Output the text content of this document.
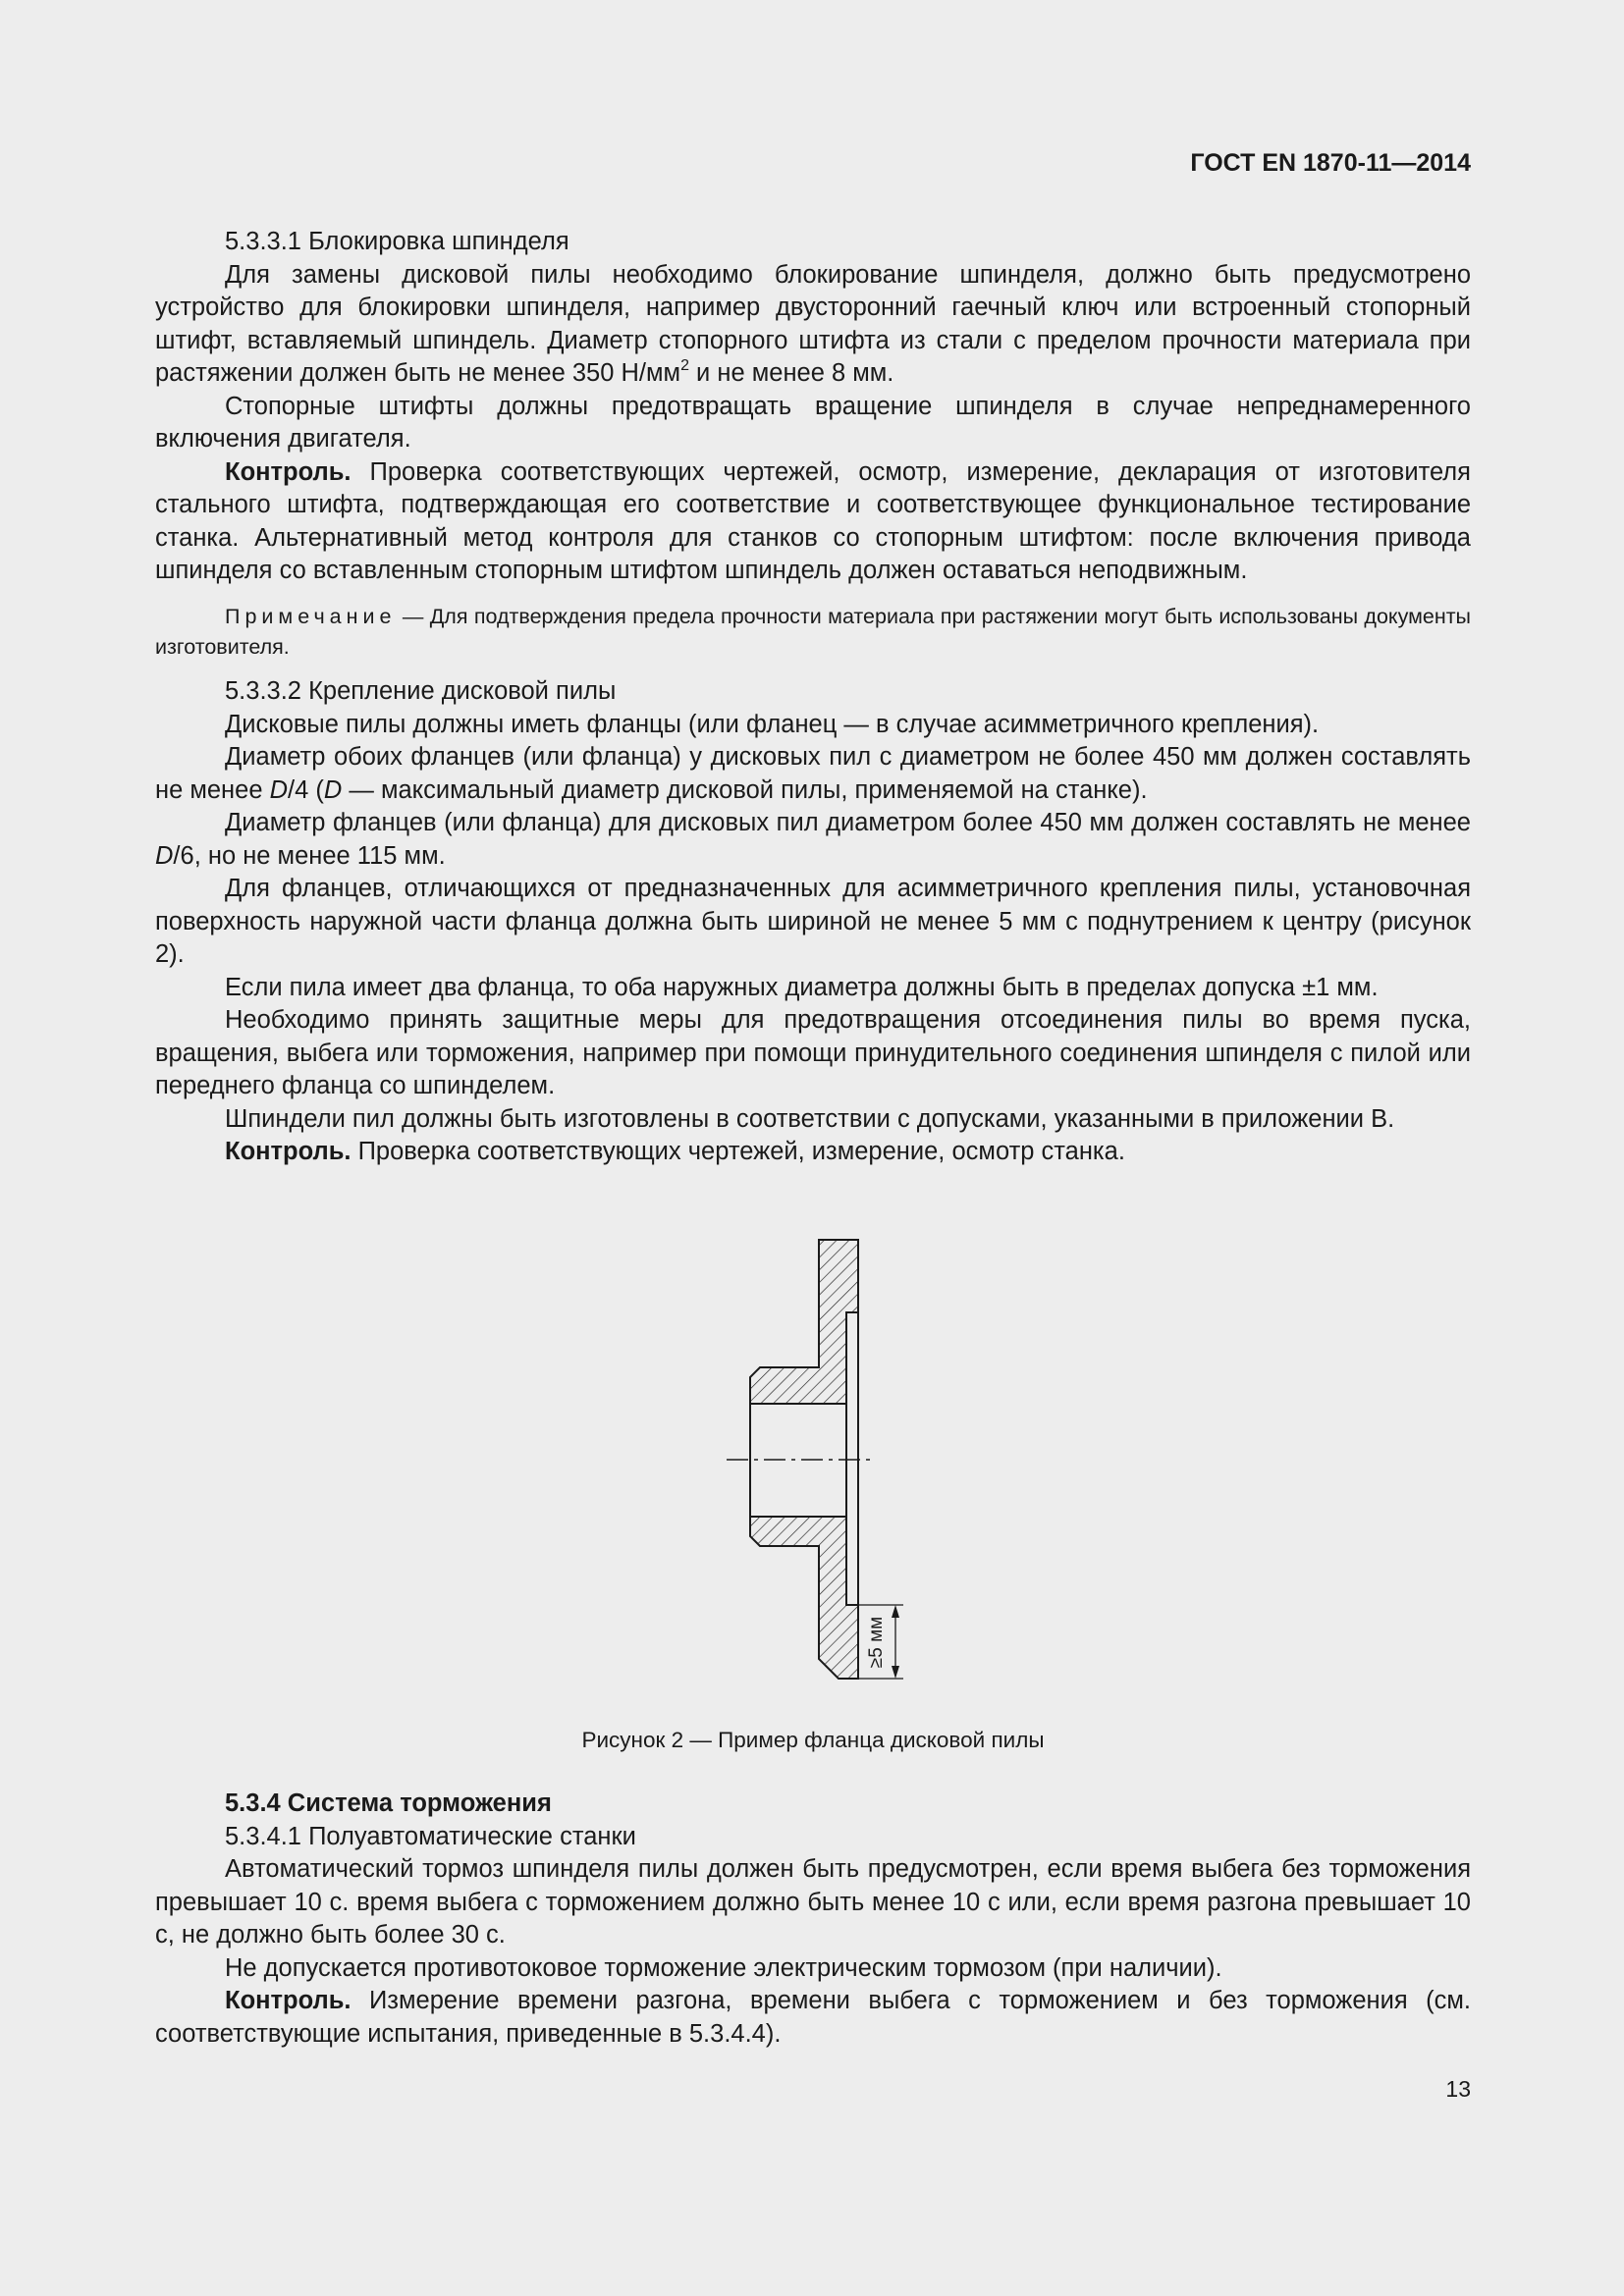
ГОСТ EN 1870-11—2014

5.3.3.1 Блокировка шпинделя

Для замены дисковой пилы необходимо блокирование шпинделя, должно быть предусмотрено устройство для блокировки шпинделя, например двусторонний гаечный ключ или встроенный стопорный штифт, вставляемый шпиндель. Диаметр стопорного штифта из стали с пределом прочности материала при растяжении должен быть не менее 350 $Н/мм^2$ и не менее 8 мм.

Стопорные штифты должны предотвращать вращение шпинделя в случае непреднамеренного включения двигателя.

Контроль. Проверка соответствующих чертежей, осмотр, измерение, декларация от изготовителя стального штифта, подтверждающая его соответствие и соответствующее функциональное тестирование станка. Альтернативный метод контроля для станков со стопорным штифтом: после включения привода шпинделя со вставленным стопорным штифтом шпиндель должен оставаться неподвижным.

Примечание — Для подтверждения предела прочности материала при растяжении могут быть использованы документы изготовителя.

5.3.3.2 Крепление дисковой пилы

Дисковые пилы должны иметь фланцы (или фланец — в случае асимметричного крепления).

Диаметр обоих фланцев (или фланца) у дисковых пил с диаметром не более 450 мм должен составлять не менее D/4 (D — максимальный диаметр дисковой пилы, применяемой на станке).

Диаметр фланцев (или фланца) для дисковых пил диаметром более 450 мм должен составлять не менее D/6, но не менее 115 мм.

Для фланцев, отличающихся от предназначенных для асимметричного крепления пилы, установочная поверхность наружной части фланца должна быть шириной не менее 5 мм с поднутрением к центру (рисунок 2).

Если пила имеет два фланца, то оба наружных диаметра должны быть в пределах допуска ±1 мм.

Необходимо принять защитные меры для предотвращения отсоединения пилы во время пуска, вращения, выбега или торможения, например при помощи принудительного соединения шпинделя с пилой или переднего фланца со шпинделем.

Шпиндели пил должны быть изготовлены в соответствии с допусками, указанными в приложении В.

Контроль. Проверка соответствующих чертежей, измерение, осмотр станка.

≥5 мм
Рисунок 2 — Пример фланца дисковой пилы

5.3.4 Система торможения

5.3.4.1 Полуавтоматические станки

Автоматический тормоз шпинделя пилы должен быть предусмотрен, если время выбега без торможения превышает 10 с. время выбега с торможением должно быть менее 10 с или, если время разгона превышает 10 с, не должно быть более 30 с.

Не допускается противотоковое торможение электрическим тормозом (при наличии).

Контроль. Измерение времени разгона, времени выбега с торможением и без торможения (см. соответствующие испытания, приведенные в 5.3.4.4).

13
